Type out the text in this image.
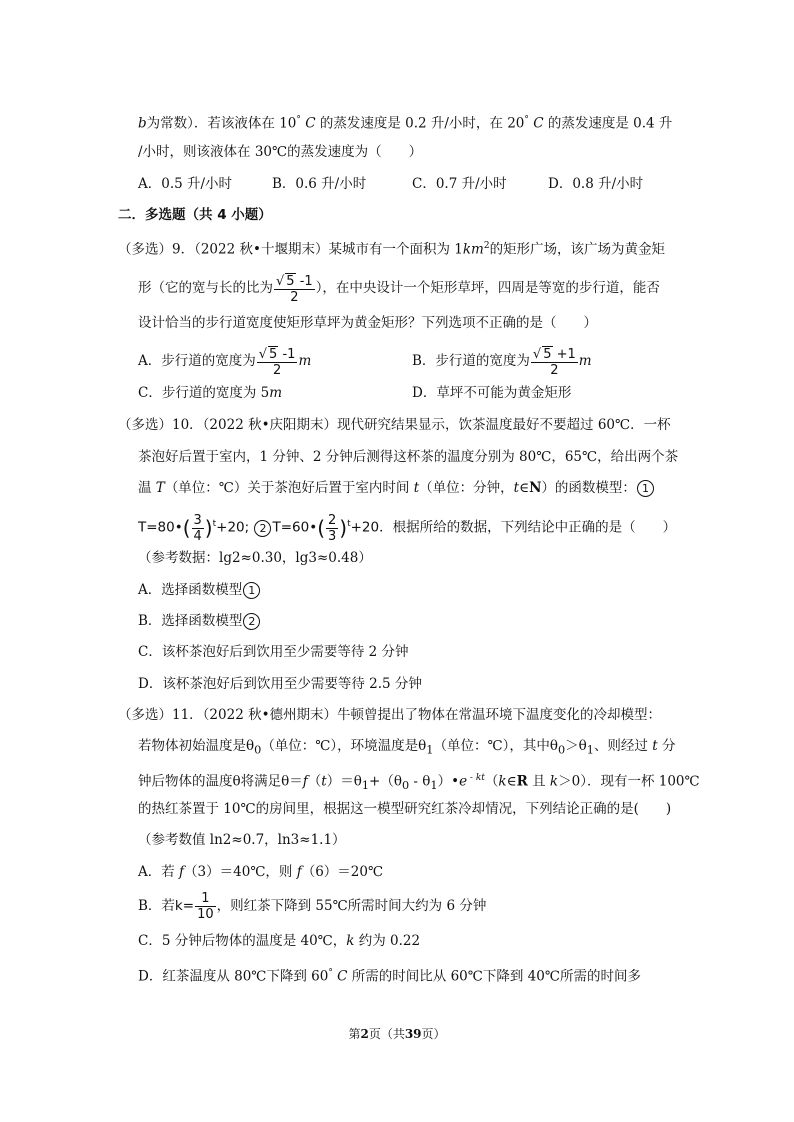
b为常数）．若该液体在 10° C 的蒸发速度是 0.2 升/小时，在 20° C 的蒸发速度是 0.4 升
/小时，则该液体在 30℃的蒸发速度为（　　）
A．0.5 升/小时	B．0.6 升/小时	C．0.7 升/小时	D．0.8 升/小时
二．多选题（共 4 小题）
（多选）9．（2022 秋•十堰期末）某城市有一个面积为 $1km^2$的矩形广场，该广场为黄金矩
形（它的宽与长的比为 $\frac{√ 5 -1}{2}$ ），在中央设计一个矩形草坪，四周是等宽的步行道，能否
设计恰当的步行道宽度使矩形草坪为黄金矩形？下列选项不正确的是（　　）
A．步行道的宽度为 $\frac{√ 5 -1}{2}$ m	B．步行道的宽度为 $\frac{√ 5 +1}{2}$ m
C．步行道的宽度为 5m	D．草坪不可能为黄金矩形
（多选）10．（2022 秋•庆阳期末）现代研究结果显示，饮茶温度最好不要超过 60℃．一杯
茶泡好后置于室内，1 分钟、2 分钟后测得这杯茶的温度分别为 80℃，65℃，给出两个茶
温 T（单位：℃）关于茶泡好后置于室内时间 t（单位：分钟，t∈N）的函数模型： 1
T=80•( $\frac{3}{4} )^t+20$; 2 T=60•( $\frac{2}{3} )^t+20$．根据所给的数据，下列结论中正确的是（　　）
（参考数据：lg2≈0.30，lg3≈0.48）
A．选择函数模型 1
B．选择函数模型 2
C．该杯茶泡好后到饮用至少需要等待 2 分钟
D．该杯茶泡好后到饮用至少需要等待 2.5 分钟
（多选）11．（2022 秋•德州期末）牛顿曾提出了物体在常温环境下温度变化的冷却模型：
若物体初始温度是$\theta_0$（单位：℃），环境温度是$\theta_1$（单位：℃），其中$\theta_0>\theta_1$、则经过 t 分
钟后物体的温度θ将满足$\theta=f(t)=\theta_1+(\theta_0$ - $\theta_1)•e$ $^{- kt}$（k∈R 且 k＞0）．现有一杯 100℃
的热红茶置于 10℃的房间里，根据这一模型研究红茶冷却情况，下列结论正确的是(　　)
（参考数值 ln2≈0.7，ln3≈1.1）
A．若 f（3）＝40℃，则 f（6）＝20℃
B．若$k= \frac{1}{10}$ ，则红茶下降到 55℃所需时间大约为 6 分钟
C．5 分钟后物体的温度是 40℃，k 约为 0.22
D．红茶温度从 80℃下降到 60° C 所需的时间比从 60℃下降到 40℃所需的时间多
第2页（共39页）
